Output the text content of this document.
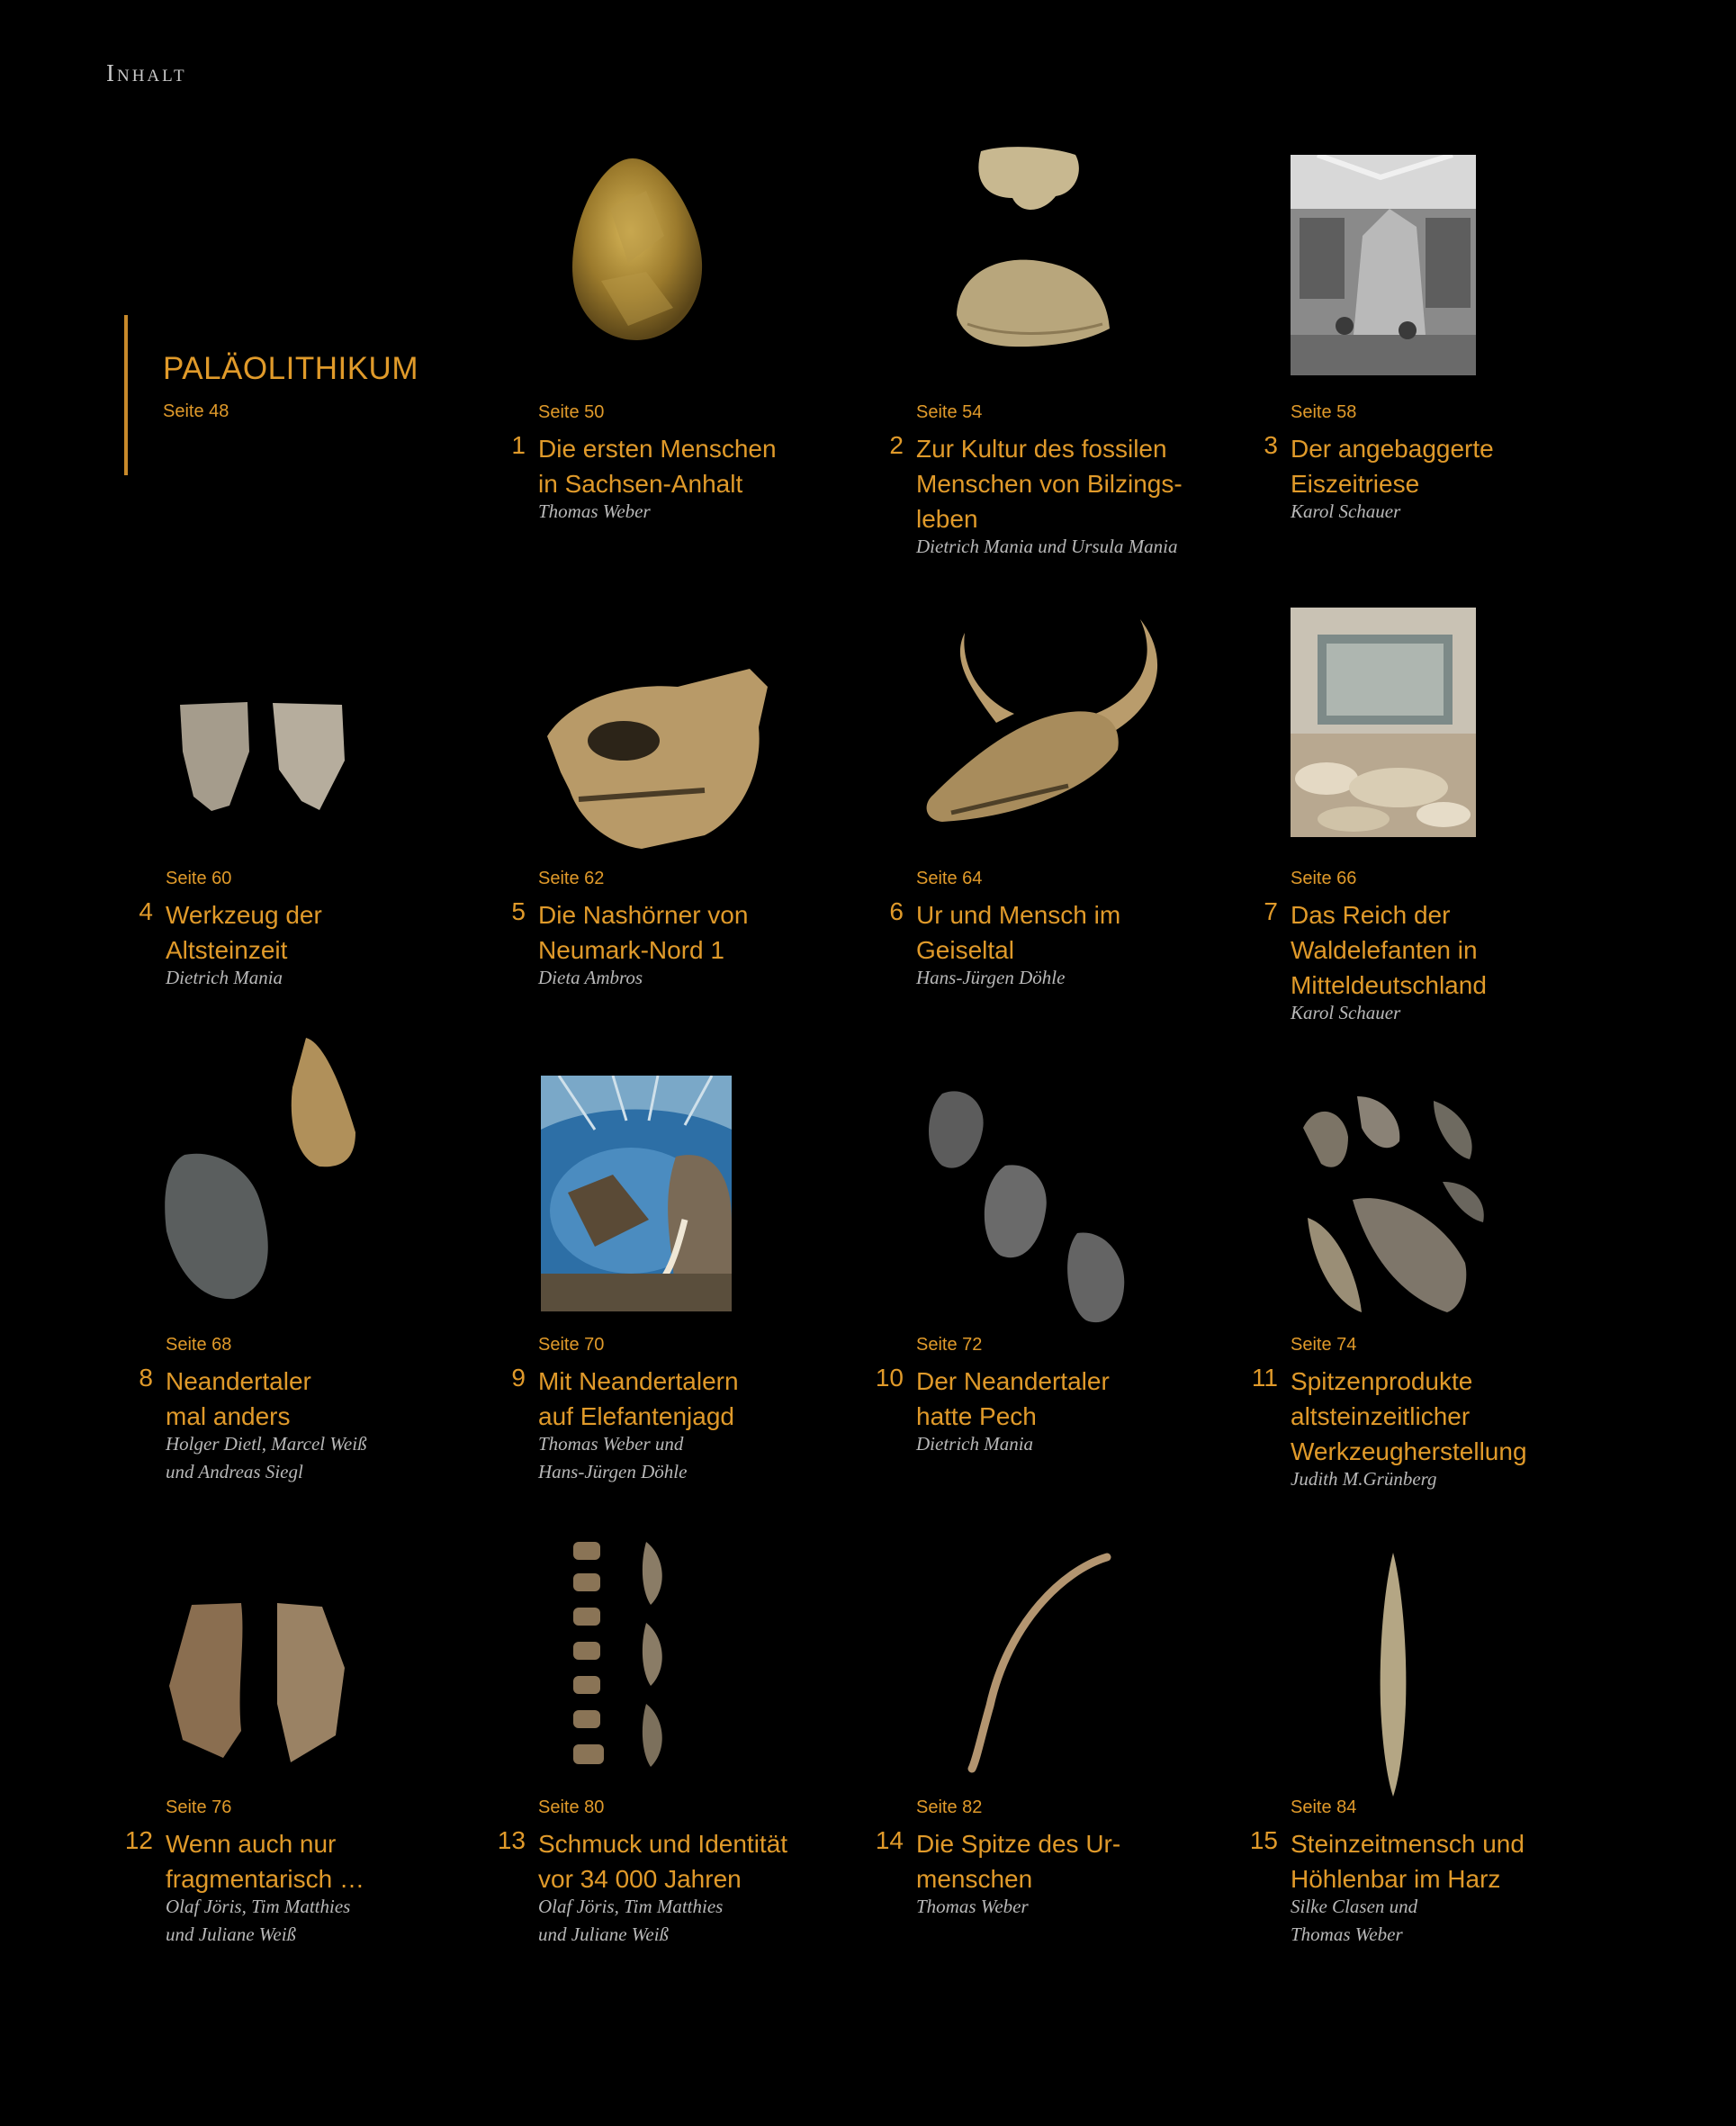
Inhalt
PALÄOLITHIKUM
Seite 48	Seite 50
1 Die ersten Menschen
in Sachsen-Anhalt
Thomas Weber
Seite 54
2 Zur Kultur des fossilen
Menschen von Bilzings-
leben
Dietrich Mania und Ursula Mania
Seite 58
3 Der angebaggerte
Eiszeitriese
Karol Schauer
Seite 60
4 Werkzeug der
Altsteinzeit
Dietrich Mania
Seite 62
5 Die Nashörner von
Neumark-Nord 1
Dieta Ambros
Seite 64
6 Ur und Mensch im
Geiseltal
Hans-Jürgen Döhle
Seite 66
7 Das Reich der
Waldelefanten in
Mitteldeutschland
Karol Schauer
Seite 68
8 Neandertaler
mal anders
Holger Dietl, Marcel Weiß
und Andreas Siegl
Seite 70
9 Mit Neandertalern
auf Elefantenjagd
Thomas Weber und
Hans-Jürgen Döhle
Seite 72
10 Der Neandertaler
hatte Pech
Dietrich Mania
Seite 74
11 Spitzenprodukte
altsteinzeitlicher
Werkzeugherstellung
Judith M.Grünberg
Seite 76
12 Wenn auch nur
fragmentarisch …
Olaf Jöris, Tim Matthies
und Juliane Weiß
Seite 80
13 Schmuck und Identität
vor 34 000 Jahren
Olaf Jöris, Tim Matthies
und Juliane Weiß
Seite 82
14 Die Spitze des Ur-
menschen
Thomas Weber
Seite 84
15 Steinzeitmensch und
Höhlenbar im Harz
Silke Clasen und
Thomas Weber
